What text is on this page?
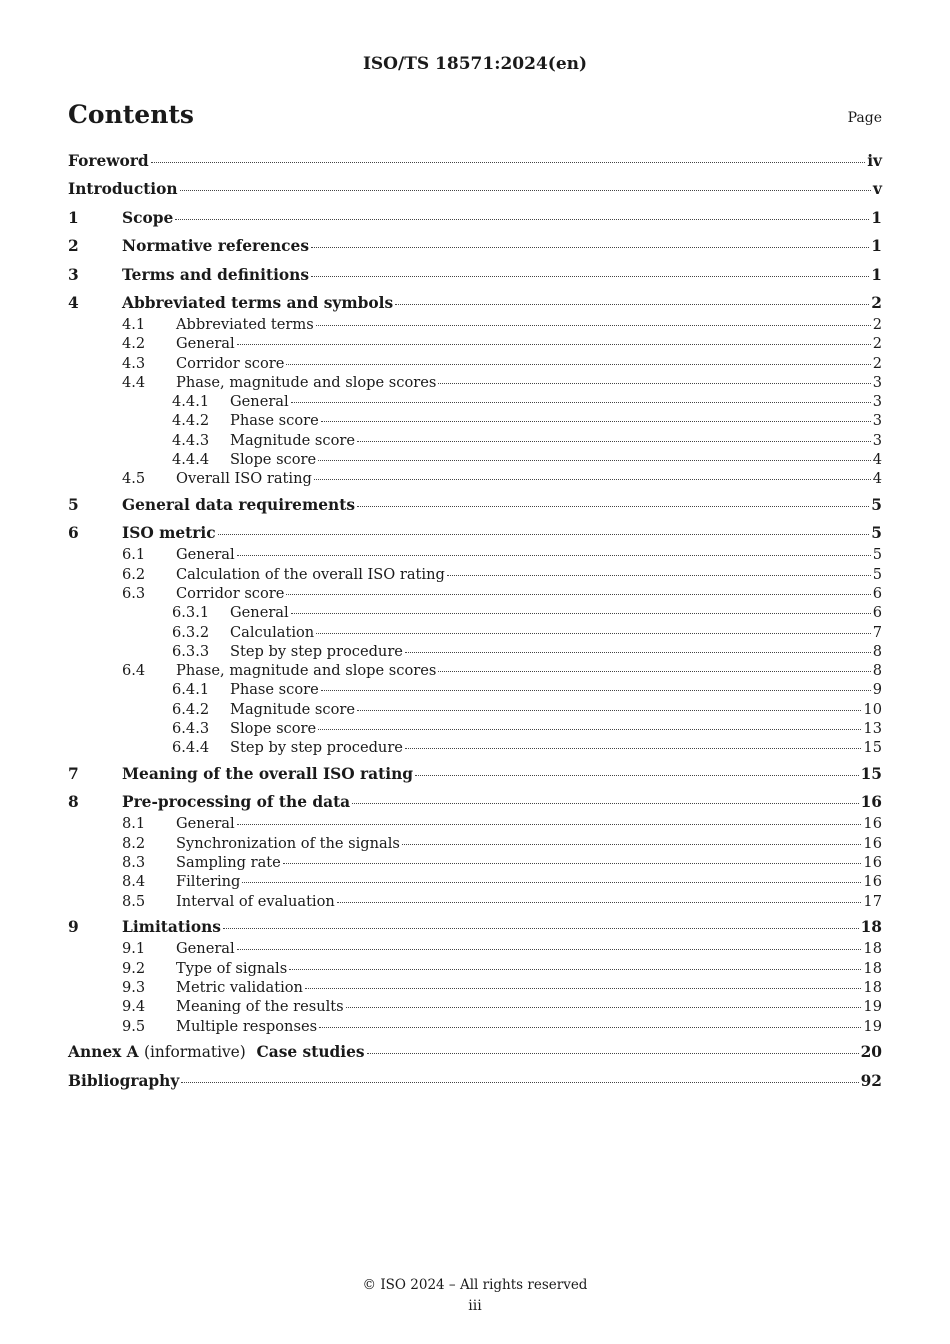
ISO/TS 18571:2024(en)
Contents	Page
Foreword	iv
Introduction	v
1	Scope	1
2	Normative references	1
3	Terms and definitions	1
4	Abbreviated terms and symbols	2
4.1	Abbreviated terms	2
4.2	General	2
4.3	Corridor score	2
4.4	Phase, magnitude and slope scores	3
4.4.1	General	3
4.4.2	Phase score	3
4.4.3	Magnitude score	3
4.4.4	Slope score	4
4.5	Overall ISO rating	4
5	General data requirements	5
6	ISO metric	5
6.1	General	5
6.2	Calculation of the overall ISO rating	5
6.3	Corridor score	6
6.3.1	General	6
6.3.2	Calculation	7
6.3.3	Step by step procedure	8
6.4	Phase, magnitude and slope scores	8
6.4.1	Phase score	9
6.4.2	Magnitude score	10
6.4.3	Slope score	13
6.4.4	Step by step procedure	15
7	Meaning of the overall ISO rating	15
8	Pre-processing of the data	16
8.1	General	16
8.2	Synchronization of the signals	16
8.3	Sampling rate	16
8.4	Filtering	16
8.5	Interval of evaluation	17
9	Limitations	18
9.1	General	18
9.2	Type of signals	18
9.3	Metric validation	18
9.4	Meaning of the results	19
9.5	Multiple responses	19
Annex A (informative) Case studies	20
Bibliography	92
© ISO 2024 – All rights reserved
iii
